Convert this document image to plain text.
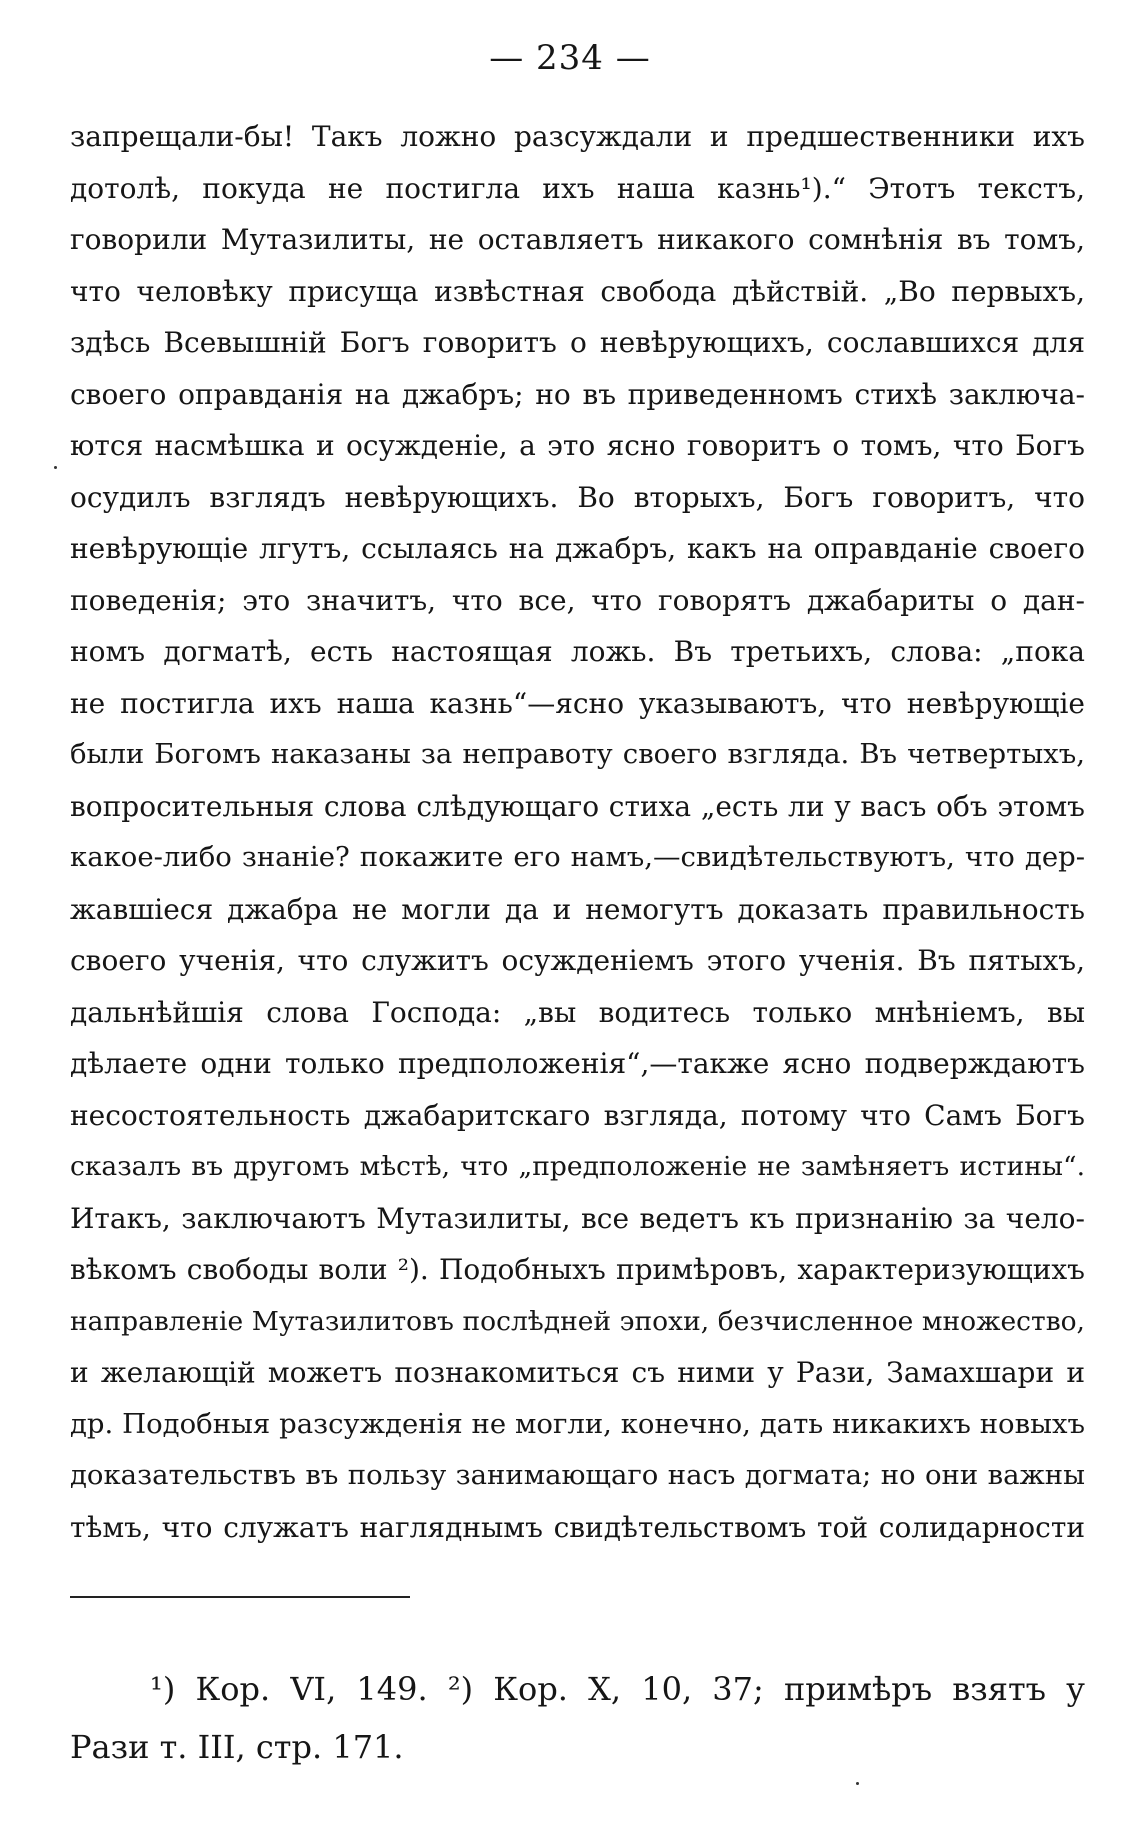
— 234 —
запрещали-бы! Такъ ложно разсуждали и предшественники ихъ
дотолѣ, покуда не постигла ихъ наша казнь¹).“ Этотъ текстъ,
говорили Мутазилиты, не оставляетъ никакого сомнѣнія въ томъ,
что человѣку присуща извѣстная свобода дѣйствій. „Во первыхъ,
здѣсь Всевышній Богъ говоритъ о невѣрующихъ, сославшихся для
своего оправданія на джабръ; но въ приведенномъ стихѣ заключа-
ются насмѣшка и осужденіе, а это ясно говоритъ о томъ, что Богъ
осудилъ взглядъ невѣрующихъ. Во вторыхъ, Богъ говоритъ, что
невѣрующіе лгутъ, ссылаясь на джабръ, какъ на оправданіе своего
поведенія; это значитъ, что все, что говорятъ джабариты о дан-
номъ догматѣ, есть настоящая ложь. Въ третьихъ, слова: „пока
не постигла ихъ наша казнь“—ясно указываютъ, что невѣрующіе
были Богомъ наказаны за неправоту своего взгляда. Въ четвертыхъ,
вопросительныя слова слѣдующаго стиха „есть ли у васъ объ этомъ
какое-либо знаніе? покажите его намъ,—свидѣтельствуютъ, что дер-
жавшіеся джабра не могли да и немогутъ доказать правильность
своего ученія, что служитъ осужденіемъ этого ученія. Въ пятыхъ,
дальнѣйшія слова Господа: „вы водитесь только мнѣніемъ, вы
дѣлаете одни только предположенія“,—также ясно подверждаютъ
несостоятельность джабаритскаго взгляда, потому что Самъ Богъ
сказалъ въ другомъ мѣстѣ, что „предположеніе не замѣняетъ истины“.
Итакъ, заключаютъ Мутазилиты, все ведетъ къ признанію за чело-
вѣкомъ свободы воли ²). Подобныхъ примѣровъ, характеризующихъ
направленіе Мутазилитовъ послѣдней эпохи, безчисленное множество,
и желающій можетъ познакомиться съ ними у Рази, Замахшари и
др. Подобныя разсужденія не могли, конечно, дать никакихъ новыхъ
доказательствъ въ пользу занимающаго насъ догмата; но они важны
тѣмъ, что служатъ нагляднымъ свидѣтельствомъ той солидарности
¹) Кор. VI, 149. ²) Кор. X, 10, 37; примѣръ взятъ у
Рази т. III, стр. 171.
